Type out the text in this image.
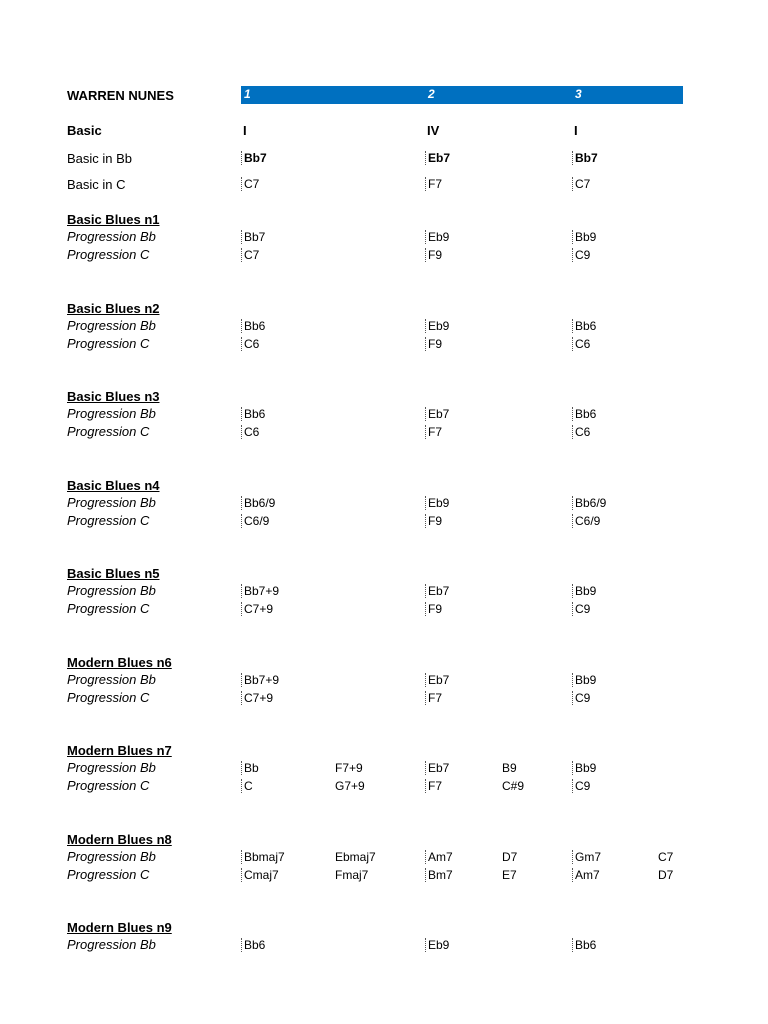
WARREN NUNES	1	2	3
Basic	I	IV	I
Basic in Bb	Bb7	Eb7	Bb7
Basic in C	C7	F7	C7
Basic Blues n1
Progression Bb	Bb7	Eb9	Bb9
Progression C	C7	F9	C9
Basic Blues n2
Progression Bb	Bb6	Eb9	Bb6
Progression C	C6	F9	C6
Basic Blues n3
Progression Bb	Bb6	Eb7	Bb6
Progression C	C6	F7	C6
Basic Blues n4
Progression Bb	Bb6/9	Eb9	Bb6/9
Progression C	C6/9	F9	C6/9
Basic Blues n5
Progression Bb	Bb7+9	Eb7	Bb9
Progression C	C7+9	F9	C9
Modern Blues n6
Progression Bb	Bb7+9	Eb7	Bb9
Progression C	C7+9	F7	C9
Modern Blues n7
Progression Bb	Bb	F7+9	Eb7	B9	Bb9
Progression C	C	G7+9	F7	C#9	C9
Modern Blues n8
Progression Bb	Bbmaj7	Ebmaj7	Am7	D7	Gm7	C7
Progression C	Cmaj7	Fmaj7	Bm7	E7	Am7	D7
Modern Blues n9
Progression Bb	Bb6	Eb9	Bb6
